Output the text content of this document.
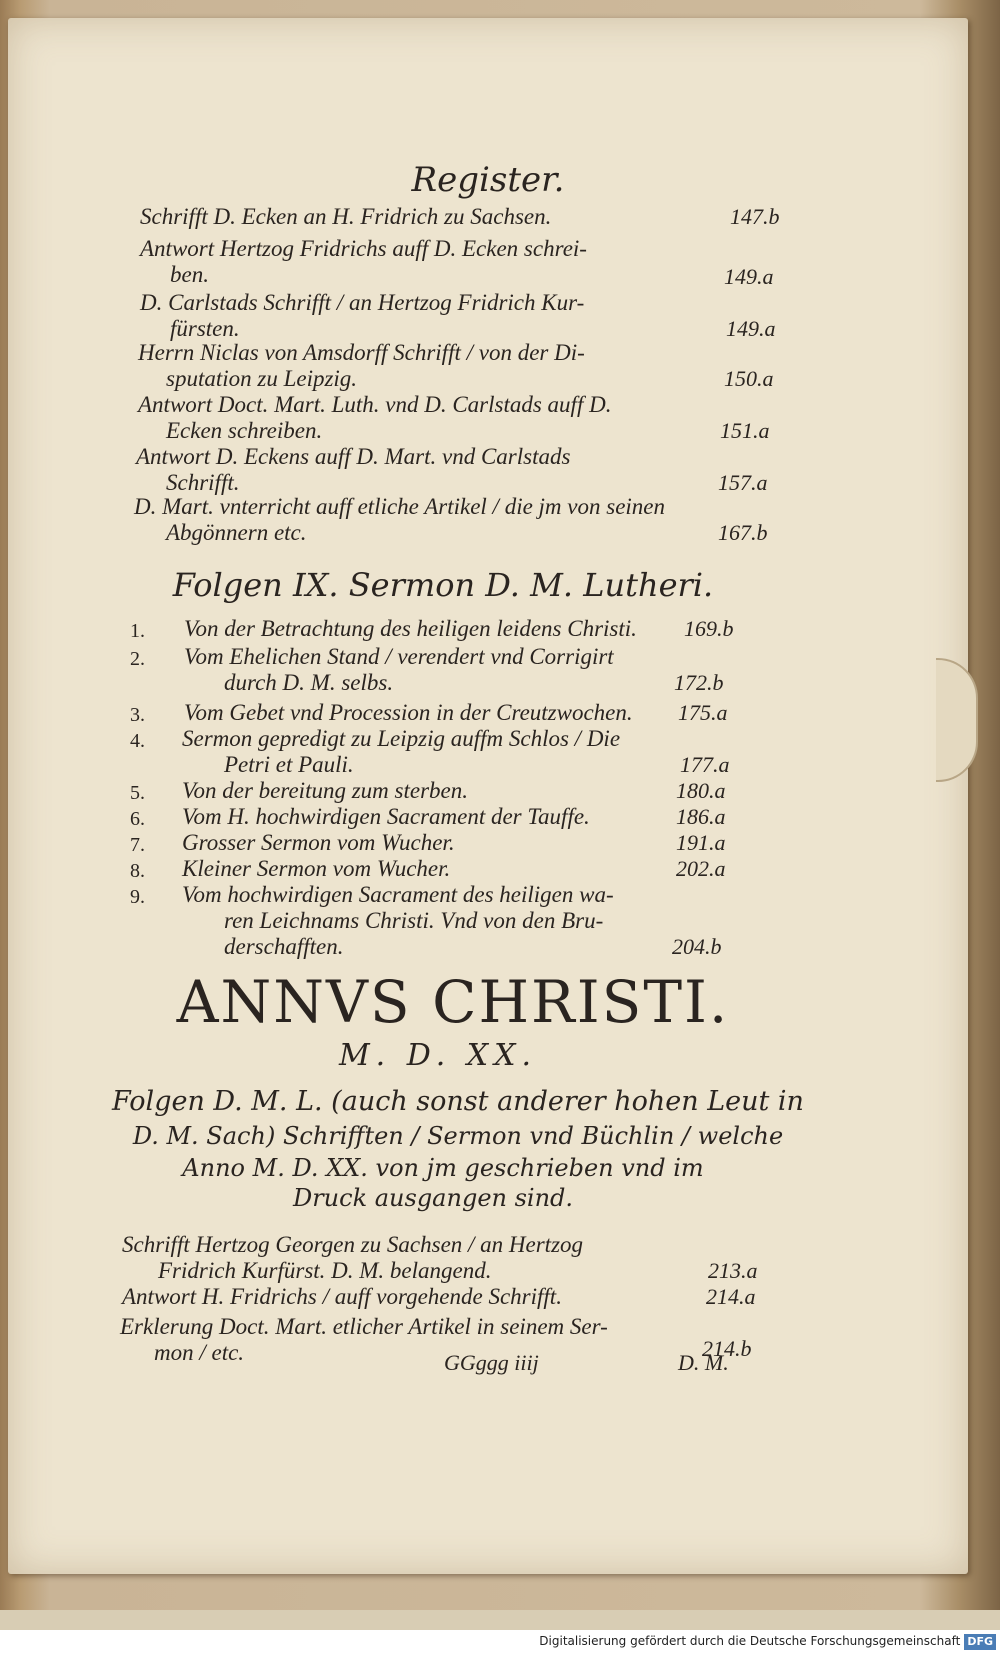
Register.
Schrifft D. Ecken an H. Fridrich zu Sachsen.	147.b
Antwort Hertzog Fridrichs auff D. Ecken schrei-
ben.	149.a
D. Carlstads Schrifft / an Hertzog Fridrich Kur-
fürsten.	149.a
Herrn Niclas von Amsdorff Schrifft / von der Di-
sputation zu Leipzig.	150.a
Antwort Doct. Mart. Luth. vnd D. Carlstads auff D.
Ecken schreiben.	151.a
Antwort D. Eckens auff D. Mart. vnd Carlstads
Schrifft.	157.a
D. Mart. vnterricht auff etliche Artikel / die jm von seinen
Abgönnern etc.	167.b
Folgen IX. Sermon D. M. Lutheri.
1. Von der Betrachtung des heiligen leidens Christi. 169.b
2. Vom Ehelichen Stand / verendert vnd Corrigirt
durch D. M. selbs.	172.b
3. Vom Gebet vnd Procession in der Creutzwochen. 175.a
4. Sermon gepredigt zu Leipzig auffm Schlos / Die
Petri et Pauli.	177.a
5. Von der bereitung zum sterben.	180.a
6. Vom H. hochwirdigen Sacrament der Tauffe.	186.a
7. Grosser Sermon vom Wucher.	191.a
8. Kleiner Sermon vom Wucher.	202.a
9. Vom hochwirdigen Sacrament des heiligen wa-
ren Leichnams Christi. Vnd von den Bru-
derschafften.	204.b
ANNVS CHRISTI.
M. D. XX.
Folgen D. M. L. (auch sonst anderer hohen Leut in
D. M. Sach) Schrifften / Sermon vnd Büchlin / welche
Anno M. D. XX. von jm geschrieben vnd im
Druck ausgangen sind.
Schrifft Hertzog Georgen zu Sachsen / an Hertzog
Fridrich Kurfürst. D. M. belangend.	213.a
Antwort H. Fridrichs / auff vorgehende Schrifft.	214.a
Erklerung Doct. Mart. etlicher Artikel in seinem Ser-
mon / etc.	214.b
GGggg iiij	D. M.
Digitalisierung gefördert durch die Deutsche Forschungsgemeinschaft DFG
